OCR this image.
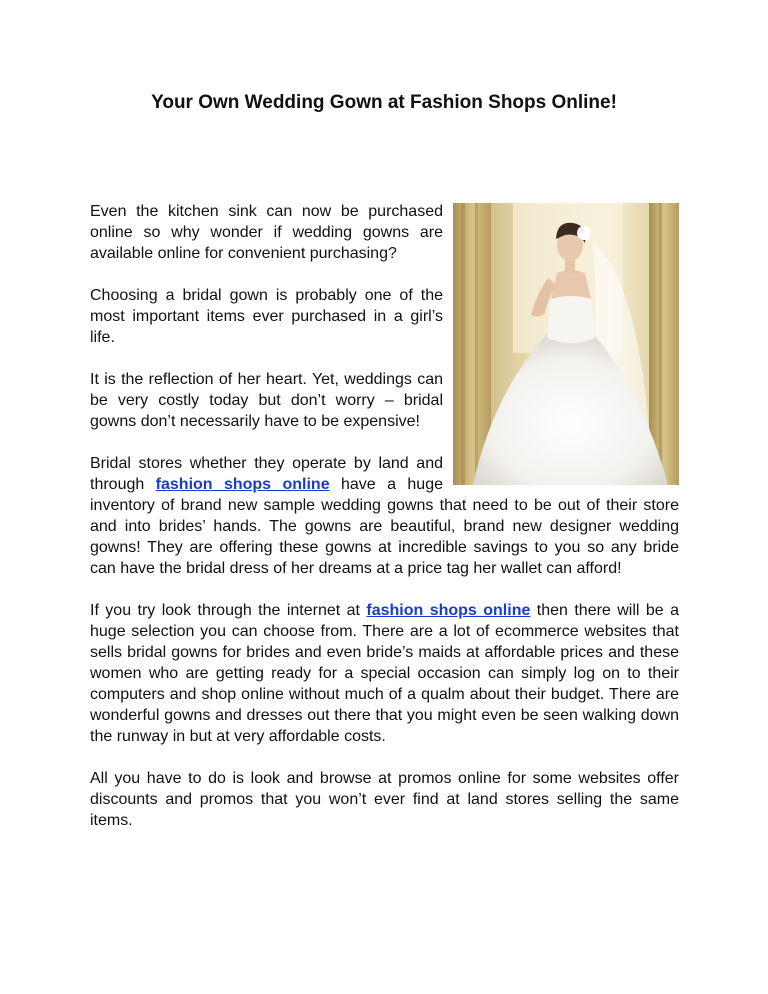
Your Own Wedding Gown at Fashion Shops Online!

Even the kitchen sink can now be purchased online so why wonder if wedding gowns are available online for convenient purchasing?

Choosing a bridal gown is probably one of the most important items ever purchased in a girl’s life.

It is the reflection of her heart. Yet, weddings can be very costly today but don’t worry – bridal gowns don’t necessarily have to be expensive!

Bridal stores whether they operate by land and through fashion shops online have a huge inventory of brand new sample wedding gowns that need to be out of their store and into brides’ hands. The gowns are beautiful, brand new designer wedding gowns! They are offering these gowns at incredible savings to you so any bride can have the bridal dress of her dreams at a price tag her wallet can afford!

If you try look through the internet at fashion shops online then there will be a huge selection you can choose from. There are a lot of ecommerce websites that sells bridal gowns for brides and even bride’s maids at affordable prices and these women who are getting ready for a special occasion can simply log on to their computers and shop online without much of a qualm about their budget. There are wonderful gowns and dresses out there that you might even be seen walking down the runway in but at very affordable costs.

All you have to do is look and browse at promos online for some websites offer discounts and promos that you won’t ever find at land stores selling the same items.
